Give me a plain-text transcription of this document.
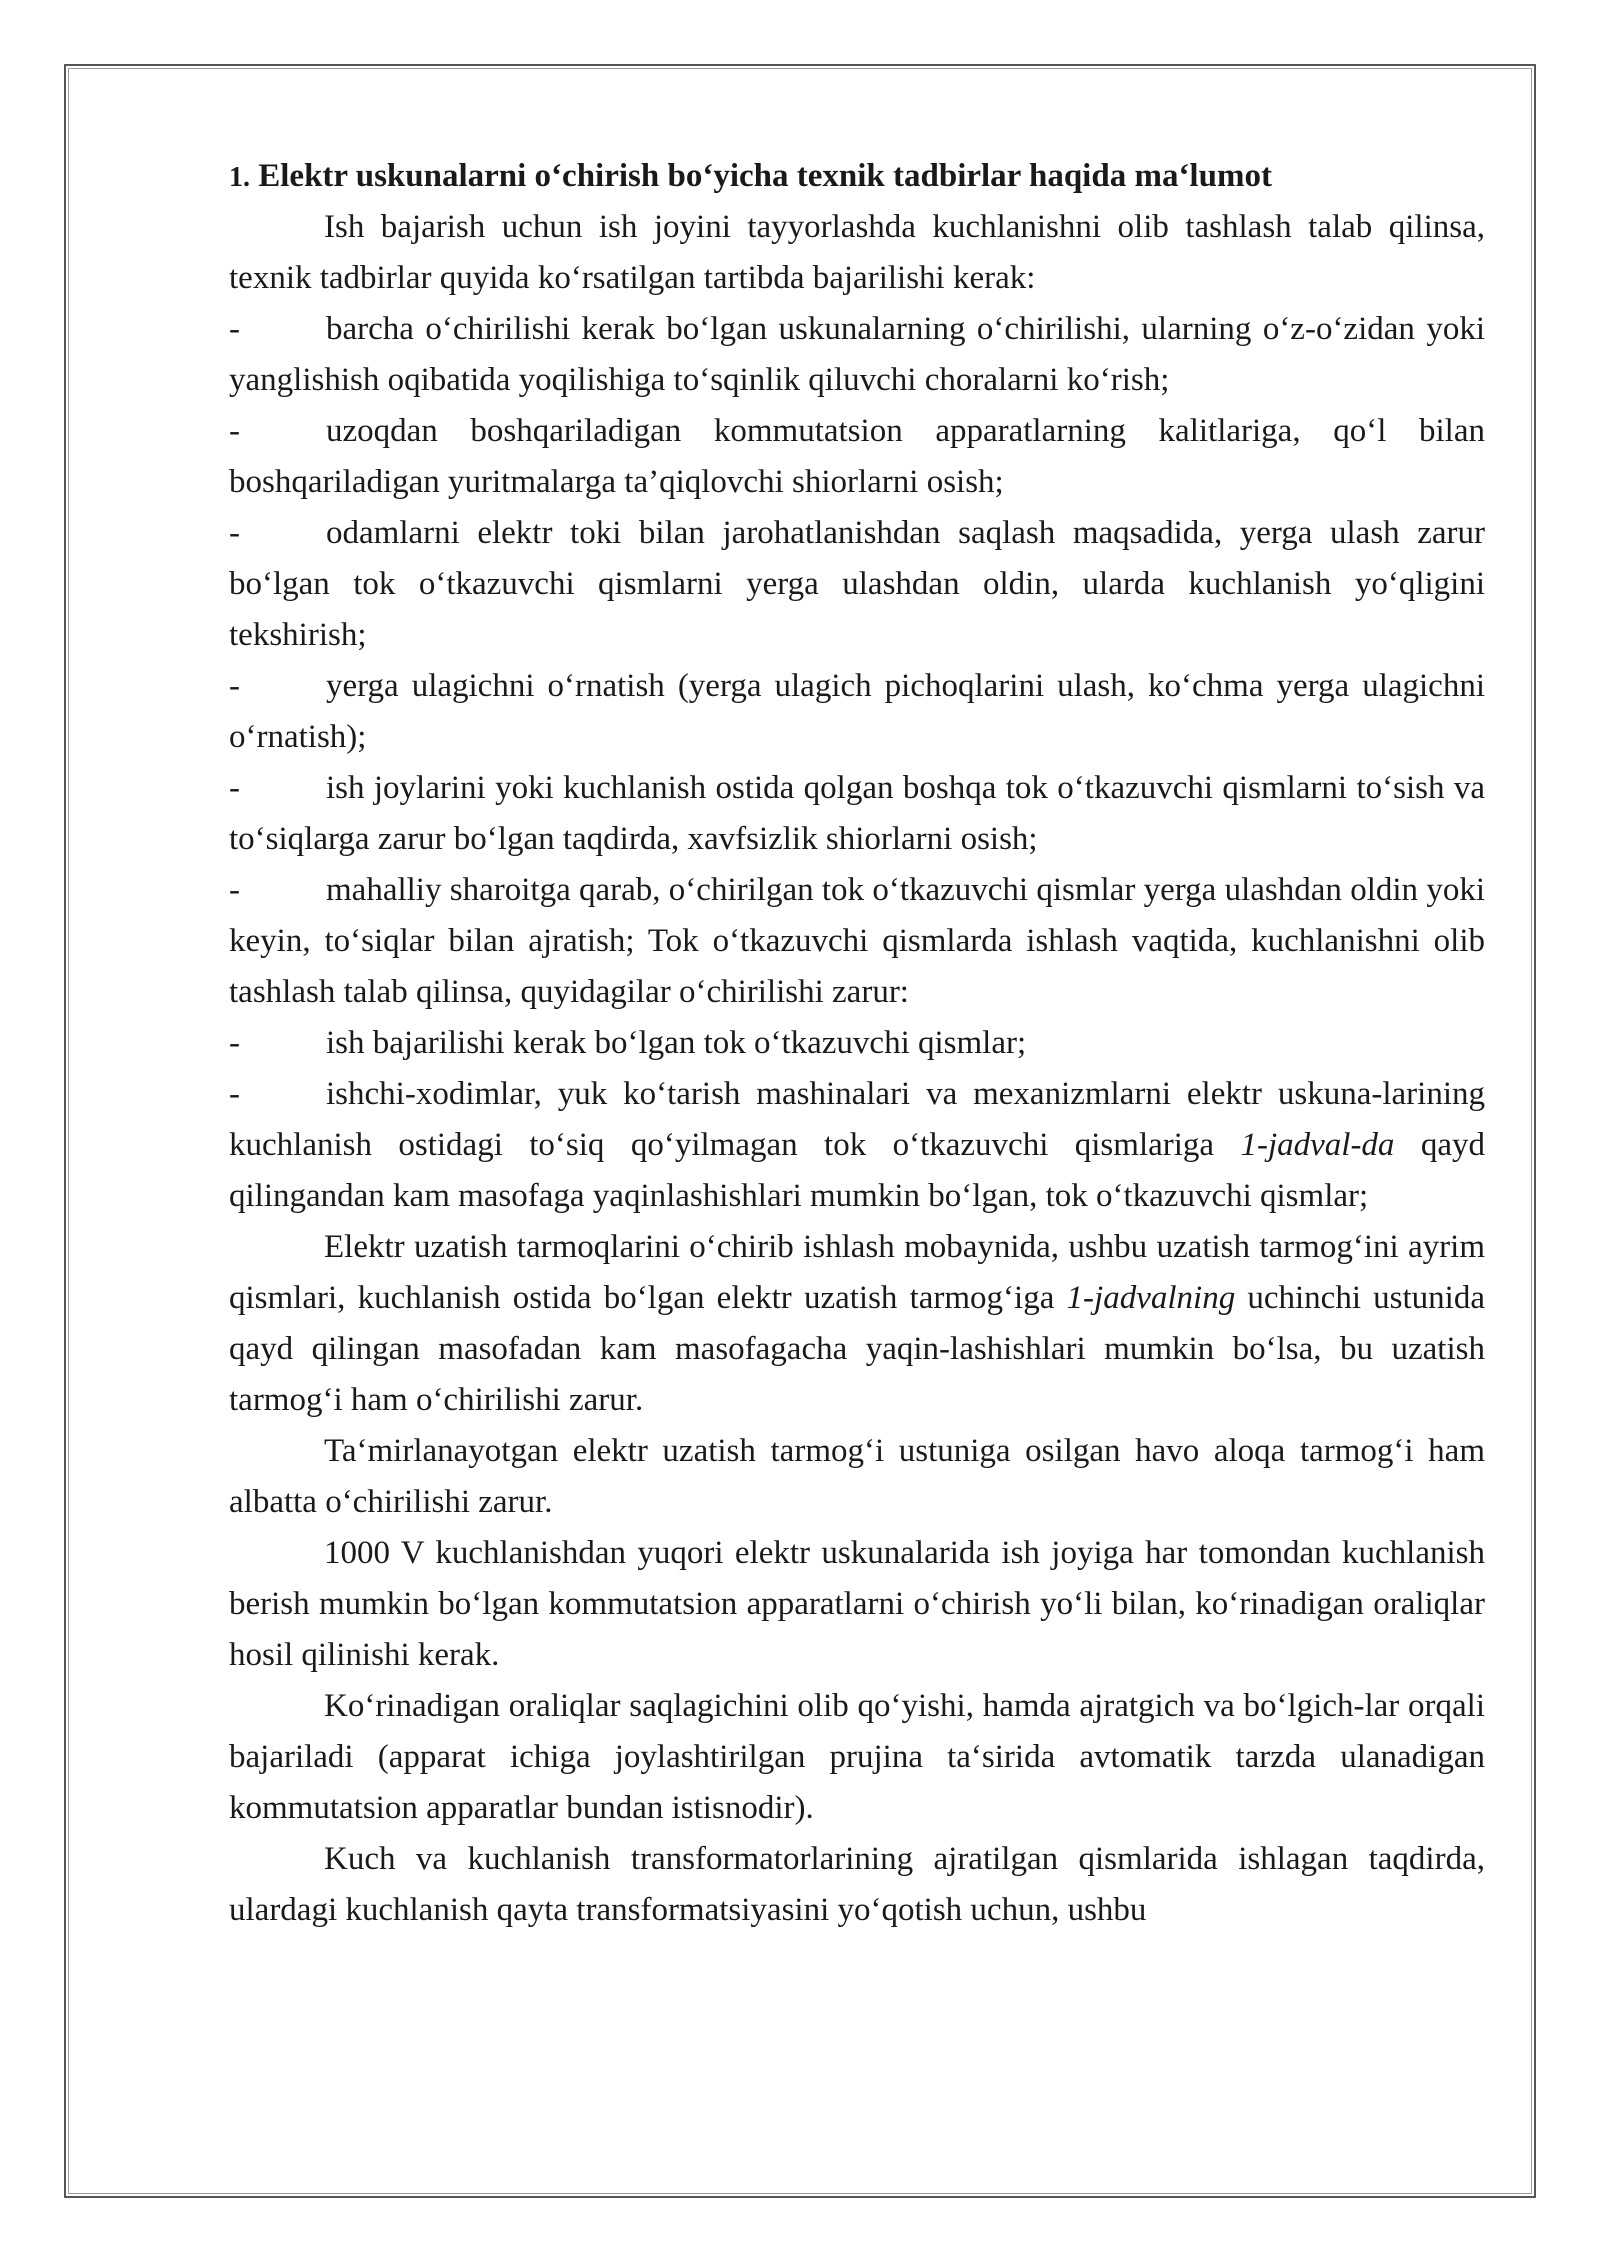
1. Elektr uskunalarni o‘chirish bo‘yicha texnik tadbirlar haqida ma‘lumot

Ish bajarish uchun ish joyini tayyorlashda kuchlanishni olib tashlash talab qilinsa, texnik tadbirlar quyida ko‘rsatilgan tartibda bajarilishi kerak:

-	barcha o‘chirilishi kerak bo‘lgan uskunalarning o‘chirilishi, ularning o‘z-o‘zidan yoki yanglishish oqibatida yoqilishiga to‘sqinlik qiluvchi choralarni ko‘rish;

-	uzoqdan boshqariladigan kommutatsion apparatlarning kalitlariga, qo‘l bilan boshqariladigan yuritmalarga ta’qiqlovchi shiorlarni osish;

-	odamlarni elektr toki bilan jarohatlanishdan saqlash maqsadida, yerga ulash zarur bo‘lgan tok o‘tkazuvchi qismlarni yerga ulashdan oldin, ularda kuchlanish yo‘qligini tekshirish;

-	yerga ulagichni o‘rnatish (yerga ulagich pichoqlarini ulash, ko‘chma yerga ulagichni o‘rnatish);

-	ish joylarini yoki kuchlanish ostida qolgan boshqa tok o‘tkazuvchi qismlarni to‘sish va to‘siqlarga zarur bo‘lgan taqdirda, xavfsizlik shiorlarni osish;

-	mahalliy sharoitga qarab, o‘chirilgan tok o‘tkazuvchi qismlar yerga ulashdan oldin yoki keyin, to‘siqlar bilan ajratish; Tok o‘tkazuvchi qismlarda ishlash vaqtida, kuchlanishni olib tashlash talab qilinsa, quyidagilar o‘chirilishi zarur:

-	ish bajarilishi kerak bo‘lgan tok o‘tkazuvchi qismlar;

-	ishchi-xodimlar, yuk ko‘tarish mashinalari va mexanizmlarni elektr uskuna-larining kuchlanish ostidagi to‘siq qo‘yilmagan tok o‘tkazuvchi qismlariga 1-jadval-da qayd qilingandan kam masofaga yaqinlashishlari mumkin bo‘lgan, tok o‘tkazuvchi qismlar;

Elektr uzatish tarmoqlarini o‘chirib ishlash mobaynida, ushbu uzatish tarmog‘ini ayrim qismlari, kuchlanish ostida bo‘lgan elektr uzatish tarmog‘iga 1-jadvalning uchinchi ustunida qayd qilingan masofadan kam masofagacha yaqin-lashishlari mumkin bo‘lsa, bu uzatish tarmog‘i ham o‘chirilishi zarur.

Ta‘mirlanayotgan elektr uzatish tarmog‘i ustuniga osilgan havo aloqa tarmog‘i ham albatta o‘chirilishi zarur.

1000 V kuchlanishdan yuqori elektr uskunalarida ish joyiga har tomondan kuchlanish berish mumkin bo‘lgan kommutatsion apparatlarni o‘chirish yo‘li bilan, ko‘rinadigan oraliqlar hosil qilinishi kerak.

Ko‘rinadigan oraliqlar saqlagichini olib qo‘yishi, hamda ajratgich va bo‘lgich-lar orqali bajariladi (apparat ichiga joylashtirilgan prujina ta‘sirida avtomatik tarzda ulanadigan kommutatsion apparatlar bundan istisnodir).

Kuch va kuchlanish transformatorlarining ajratilgan qismlarida ishlagan taqdirda, ulardagi kuchlanish qayta transformatsiyasini yo‘qotish uchun, ushbu
